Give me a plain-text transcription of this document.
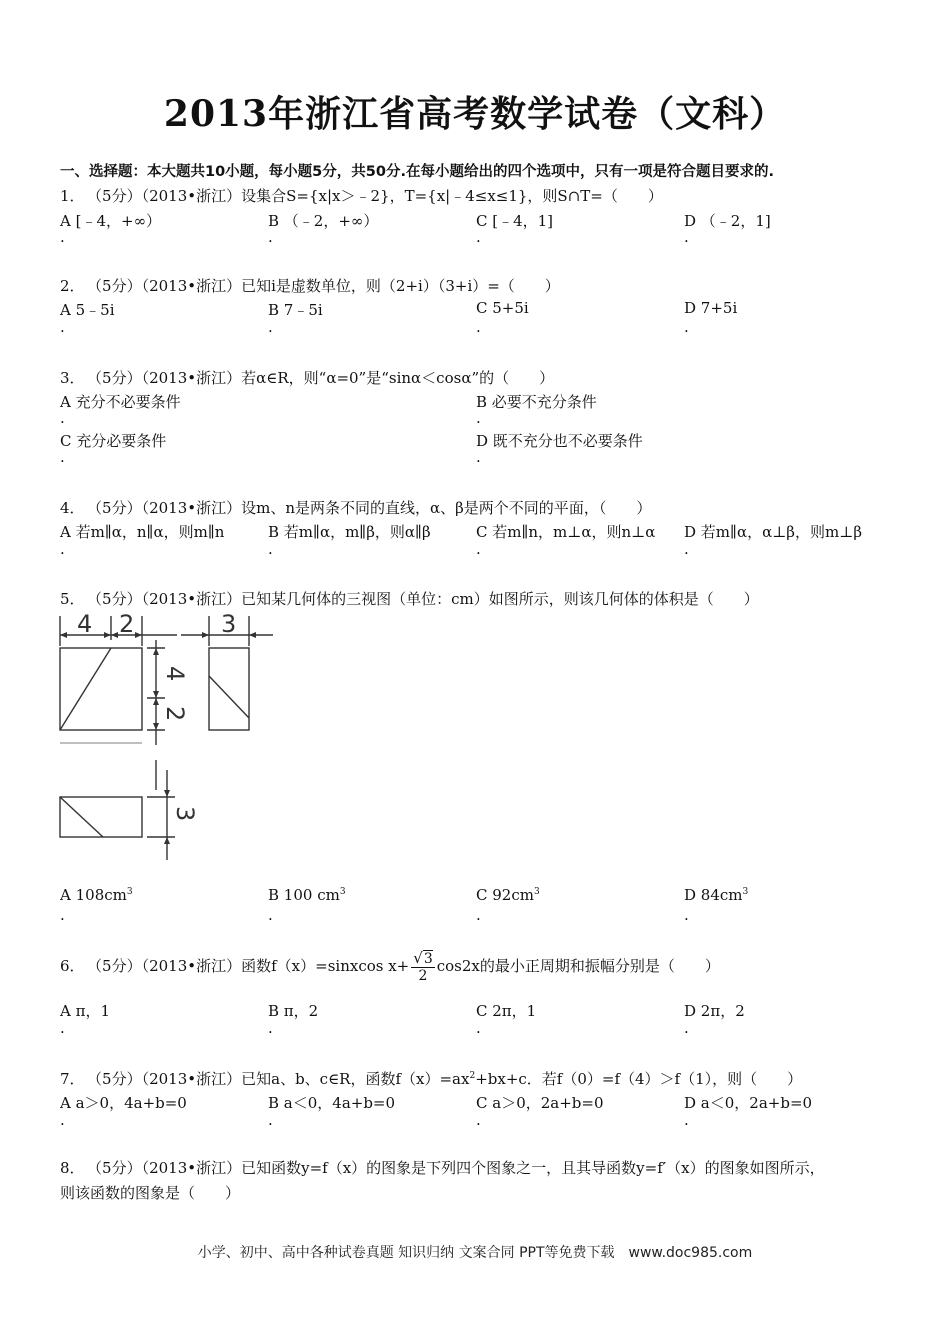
2013年浙江省高考数学试卷（文科）
一、选择题：本大题共10小题，每小题5分，共50分.在每小题给出的四个选项中，只有一项是符合题目要求的.
1． （5分）（2013•浙江）设集合S={x|x＞﹣2}，T={x|﹣4≤x≤1}，则S∩T=（　　）
A [﹣4，+∞）	B （﹣2，+∞）	C [﹣4，1]	D （﹣2，1]
.	.	.	.
2． （5分）（2013•浙江）已知i是虚数单位，则（2+i）（3+i）=（　　）
A 5﹣5i	B 7﹣5i	C 5+5i	D 7+5i
.	.	.	.
3． （5分）（2013•浙江）若α∈R，则“α=0”是“sinα＜cosα”的（　　）
A 充分不必要条件	B 必要不充分条件
.	.
C 充分必要条件	D 既不充分也不必要条件
.	.
4． （5分）（2013•浙江）设m、n是两条不同的直线，α、β是两个不同的平面，（　　）
A 若m∥α，n∥α，则m∥n	B 若m∥α，m∥β，则α∥β	C 若m∥n，m⊥α，则n⊥α D 若m∥α，α⊥β，则m⊥β
.	.	.	.
5． （5分）（2013•浙江）已知某几何体的三视图（单位：cm）如图所示，则该几何体的体积是（　　）
4 2	3
4
2
3
A $108cm^3$	B 100 $cm^3$	C $92cm^3$	D $84cm^3$
.	.	.	.
6． （5分）（2013•浙江）函数f（x）=sinxcos $x+ \frac{√3}{2} \cos 2x$的最小正周期和振幅分别是（　　）
A π，1	B π，2	C 2π，1	D 2π，2
.	.	.	.
7． （5分）（2013•浙江）已知a、b、c∈R，函数$f(x)=ax^2+bx+c$．若f（0）=f（4）＞f（1），则（　　）
A a＞0，4a+b=0	B a＜0，4a+b=0	C a＞0，2a+b=0	D a＜0，2a+b=0
.	.	.	.
8． （5分）（2013•浙江）已知函数y=f（x）的图象是下列四个图象之一，且其导函数y=f′（x）的图象如图所示，
则该函数的图象是（　　）
小学、初中、高中各种试卷真题 知识归纳 文案合同 PPT等免费下载　www.doc985.com
